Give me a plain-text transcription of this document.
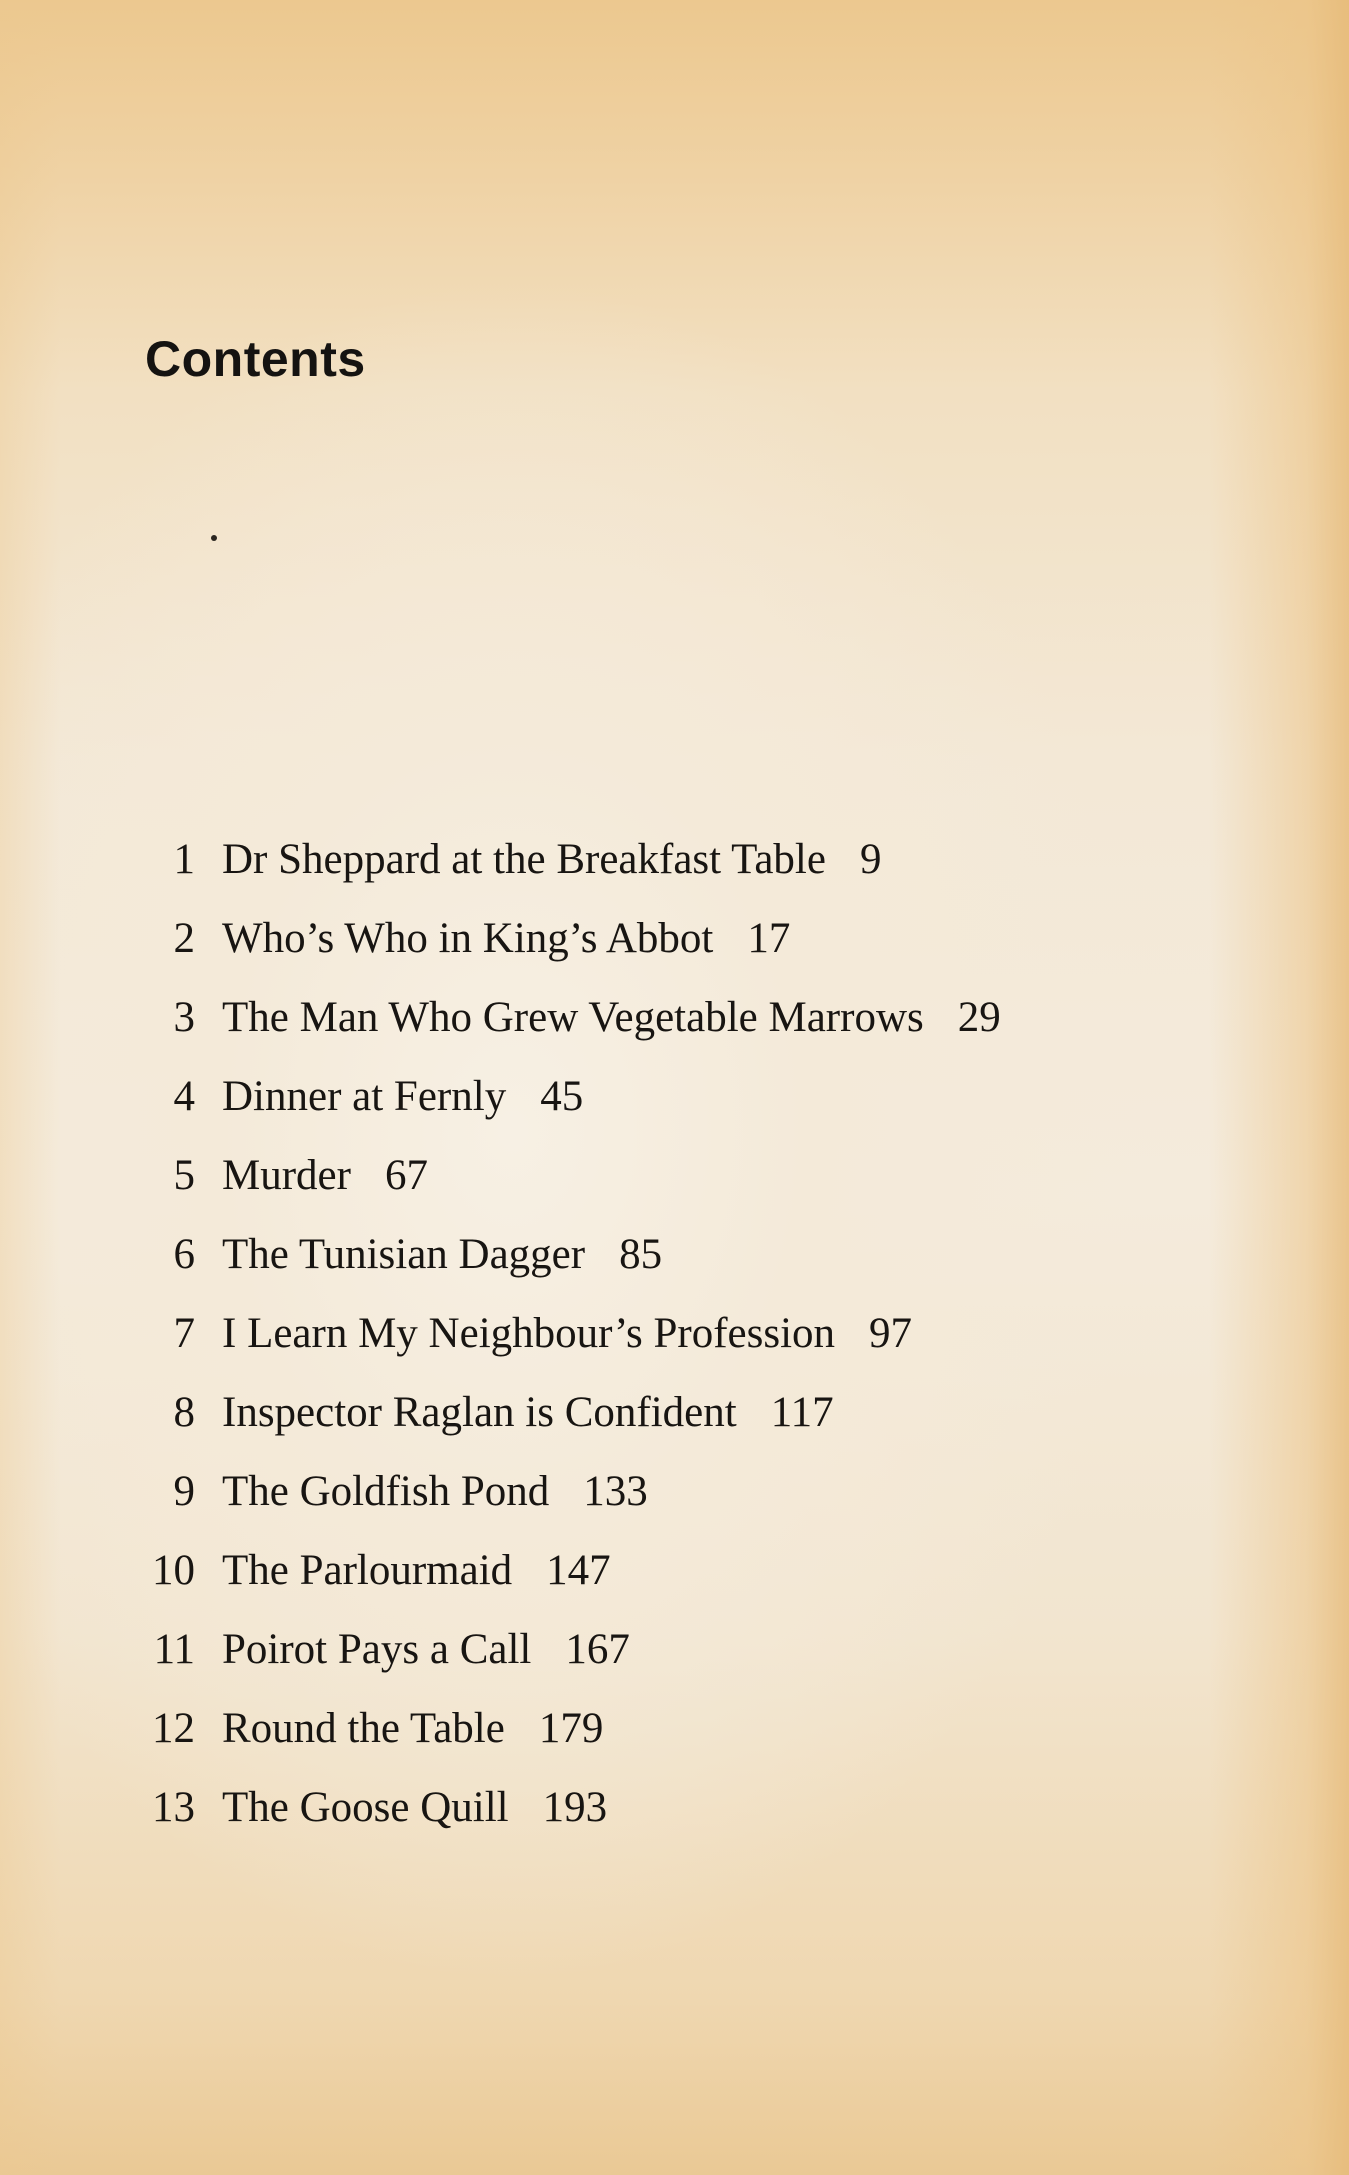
Contents
1 Dr Sheppard at the Breakfast Table 9
2 Who’s Who in King’s Abbot 17
3 The Man Who Grew Vegetable Marrows 29
4 Dinner at Fernly 45
5 Murder 67
6 The Tunisian Dagger 85
7 I Learn My Neighbour’s Profession 97
8 Inspector Raglan is Confident 117
9 The Goldfish Pond 133
10 The Parlourmaid 147
11 Poirot Pays a Call 167
12 Round the Table 179
13 The Goose Quill 193
